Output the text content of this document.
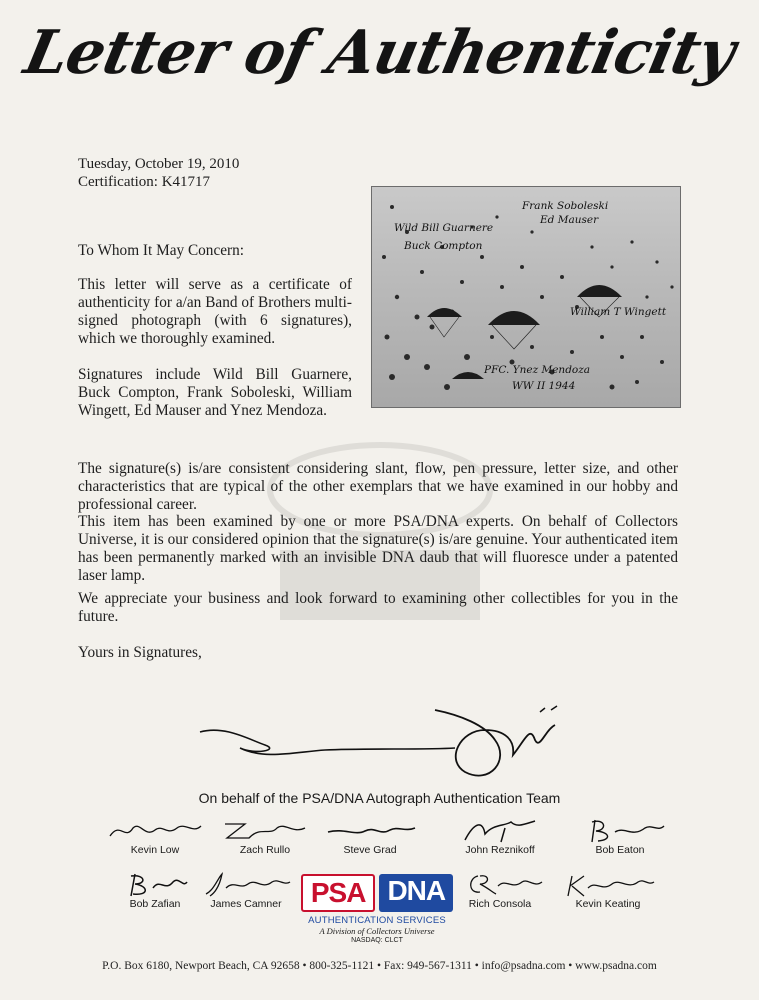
Letter of Authenticity
Tuesday, October 19, 2010
Certification: K41717
To Whom It May Concern:
This letter will serve as a certificate of authenticity for a/an Band of Brothers multi-signed photograph (with 6 signatures), which we thoroughly examined.
Signatures include Wild Bill Guarnere, Buck Compton, Frank Soboleski, William Wingett, Ed Mauser and Ynez Mendoza.
Frank Soboleski
Ed Mauser
Wild Bill Guarnere
Buck Compton
William T Wingett
PFC. Ynez Mendoza
WW II 1944
The signature(s) is/are consistent considering slant, flow, pen pressure, letter size, and other characteristics that are typical of the other exemplars that we have examined in our hobby and professional career.
This item has been examined by one or more PSA/DNA experts. On behalf of Collectors Universe, it is our considered opinion that the signature(s) is/are genuine. Your authenticated item has been permanently marked with an invisible DNA daub that will fluoresce under a patented laser lamp.
We appreciate your business and look forward to examining other collectibles for you in the future.
Yours in Signatures,
On behalf of the PSA/DNA Autograph Authentication Team
Kevin Low	Zach Rullo	Steve Grad	John Reznikoff	Bob Eaton
Bob Zafian	James Camner	Rich Consola	Kevin Keating
PSA DNA
AUTHENTICATION SERVICES
A Division of Collectors Universe
NASDAQ: CLCT
P.O. Box 6180, Newport Beach, CA 92658 • 800-325-1121 • Fax: 949-567-1311 • info@psadna.com • www.psadna.com
